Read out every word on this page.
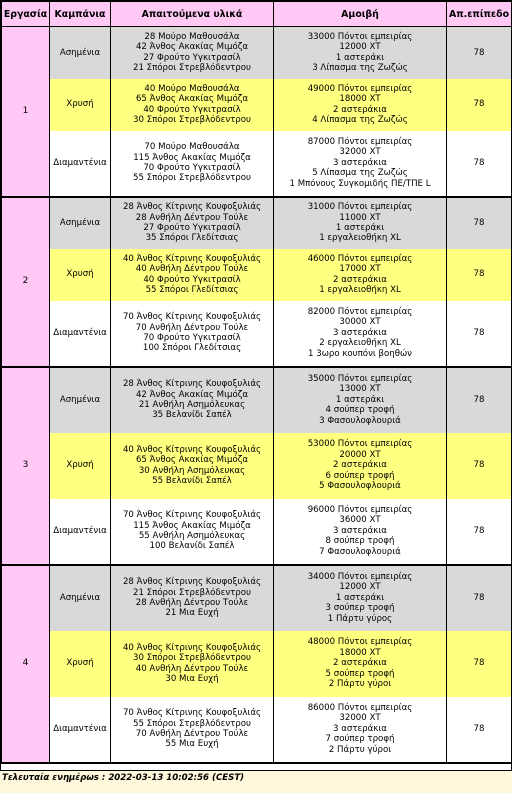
Εργασία	Καμπάνια	Απαιτούμενα υλικά	Αμοιβή	Απ.επίπεδο
1	Ασημένια	28 Μούρο Μαθουσάλα
42 Άνθος Ακακίας Μιμόζα
27 Φρούτο Υγκιτρασίλ
21 Σπόροι Στρεβλόδεντρου	33000 Πόντοι εμπειρίας
12000 ΧΤ
1 αστεράκι
3 Λίπασμα της Ζωζώς	78
	Χρυσή	40 Μούρο Μαθουσάλα
65 Άνθος Ακακίας Μιμόζα
40 Φρούτο Υγκιτρασίλ
30 Σπόροι Στρεβλόδεντρου	49000 Πόντοι εμπειρίας
18000 ΧΤ
2 αστεράκια
4 Λίπασμα της Ζωζώς	78
	Διαμαντένια	70 Μούρο Μαθουσάλα
115 Άνθος Ακακίας Μιμόζα
70 Φρούτο Υγκιτρασίλ
55 Σπόροι Στρεβλόδεντρου	87000 Πόντοι εμπειρίας
32000 ΧΤ
3 αστεράκια
5 Λίπασμα της Ζωζώς
1 Μπόνους Συγκομιδής ΠΕ/ΤΠΕ L	78
2	Ασημένια	28 Άνθος Κίτρινης Κουφοξυλιάς
28 Ανθήλη Δέντρου Τούλε
27 Φρούτο Υγκιτρασίλ
35 Σπόροι Γλεδίτσιας	31000 Πόντοι εμπειρίας
11000 ΧΤ
1 αστεράκι
1 εργαλειοθήκη XL	78
	Χρυσή	40 Άνθος Κίτρινης Κουφοξυλιάς
40 Ανθήλη Δέντρου Τούλε
40 Φρούτο Υγκιτρασίλ
55 Σπόροι Γλεδίτσιας	46000 Πόντοι εμπειρίας
17000 ΧΤ
2 αστεράκια
1 εργαλειοθήκη XL	78
	Διαμαντένια	70 Άνθος Κίτρινης Κουφοξυλιάς
70 Ανθήλη Δέντρου Τούλε
70 Φρούτο Υγκιτρασίλ
100 Σπόροι Γλεδίτσιας	82000 Πόντοι εμπειρίας
30000 ΧΤ
3 αστεράκια
2 εργαλειοθήκη XL
1 3ωρο κουπόνι βοηθών	78
3	Ασημένια	28 Άνθος Κίτρινης Κουφοξυλιάς
42 Άνθος Ακακίας Μιμόζα
21 Ανθήλη Ασημόλευκας
35 Βελανίδι Σαπέλ	35000 Πόντοι εμπειρίας
13000 ΧΤ
1 αστεράκι
4 σούπερ τροφή
3 Φασουλοφλουριά	78
	Χρυσή	40 Άνθος Κίτρινης Κουφοξυλιάς
65 Άνθος Ακακίας Μιμόζα
30 Ανθήλη Ασημόλευκας
55 Βελανίδι Σαπέλ	53000 Πόντοι εμπειρίας
20000 ΧΤ
2 αστεράκια
6 σούπερ τροφή
5 Φασουλοφλουριά	78
	Διαμαντένια	70 Άνθος Κίτρινης Κουφοξυλιάς
115 Άνθος Ακακίας Μιμόζα
55 Ανθήλη Ασημόλευκας
100 Βελανίδι Σαπέλ	96000 Πόντοι εμπειρίας
36000 ΧΤ
3 αστεράκια
8 σούπερ τροφή
7 Φασουλοφλουριά	78
4	Ασημένια	28 Άνθος Κίτρινης Κουφοξυλιάς
21 Σπόροι Στρεβλόδεντρου
28 Ανθήλη Δέντρου Τούλε
21 Μια Ευχή	34000 Πόντοι εμπειρίας
12000 ΧΤ
1 αστεράκι
3 σούπερ τροφή
1 Πάρτυ γύρος	78
	Χρυσή	40 Άνθος Κίτρινης Κουφοξυλιάς
30 Σπόροι Στρεβλόδεντρου
40 Ανθήλη Δέντρου Τούλε
30 Μια Ευχή	48000 Πόντοι εμπειρίας
18000 ΧΤ
2 αστεράκια
5 σούπερ τροφή
2 Πάρτυ γύροι	78
	Διαμαντένια	70 Άνθος Κίτρινης Κουφοξυλιάς
55 Σπόροι Στρεβλόδεντρου
70 Ανθήλη Δέντρου Τούλε
55 Μια Ευχή	86000 Πόντοι εμπειρίας
32000 ΧΤ
3 αστεράκια
7 σούπερ τροφή
2 Πάρτυ γύροι	78
Τελευταία ενημέρωs : 2022-03-13 10:02:56 (CEST)
